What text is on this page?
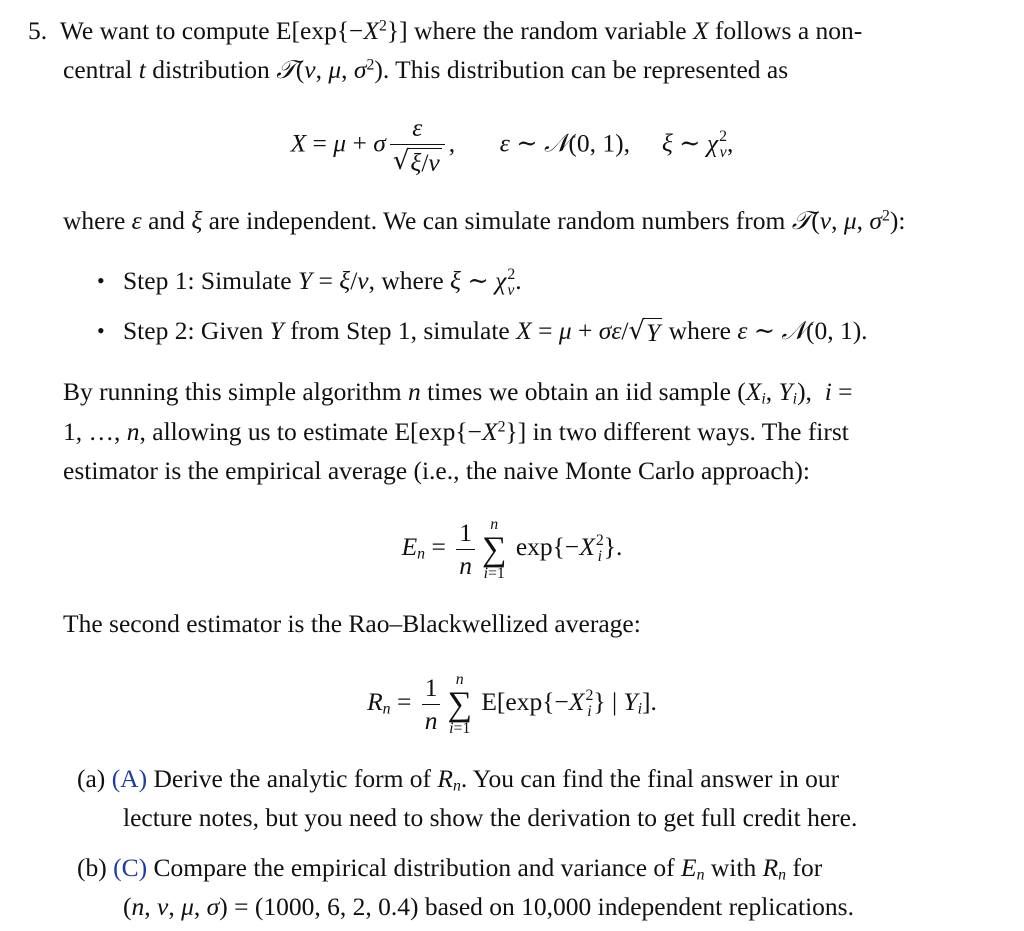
5.  We want to compute $E[\exp\{-X^2\}]$ where the random variable X follows a non-
central t distribution 𝒯(ν, μ, $\sigma^2$). This distribution can be represented as
X = μ + σ $\frac{\varepsilon}{√ \xi/\nu}$ ,       ε ∼ 𝒩(0, 1),     ξ ∼ χ 2
ν ,
where ε and ξ are independent. We can simulate random numbers from 𝒯(ν, μ, $\sigma^2$):
• Step 1: Simulate Y = ξ/ν, where ξ ∼ χ 2
ν .
• Step 2: Given Y from Step 1, simulate X = μ + σε/ √ Y where ε ∼ 𝒩(0, 1).
By running this simple algorithm n times we obtain an iid sample ($X_i$, $Y_i$),  i =
1, …, n, allowing us to estimate $E[\exp\{-X^2\}]$ in two different ways. The first
estimator is the empirical average (i.e., the naive Monte Carlo approach):
$E_n = \frac{1}{n}$ n
∑
i=1
exp{−X 2
i }.
The second estimator is the Rao–Blackwellized average:
$R_n = \frac{1}{n}$ n
∑
i=1
E[exp{−X 2
i } | $Y_i$].
(a) (A) Derive the analytic form of $R_n$. You can find the final answer in our
lecture notes, but you need to show the derivation to get full credit here.
(b) (C) Compare the empirical distribution and variance of $E_n$ with $R_n$ for
(n, ν, μ, σ) = (1000, 6, 2, 0.4) based on 10,000 independent replications.
